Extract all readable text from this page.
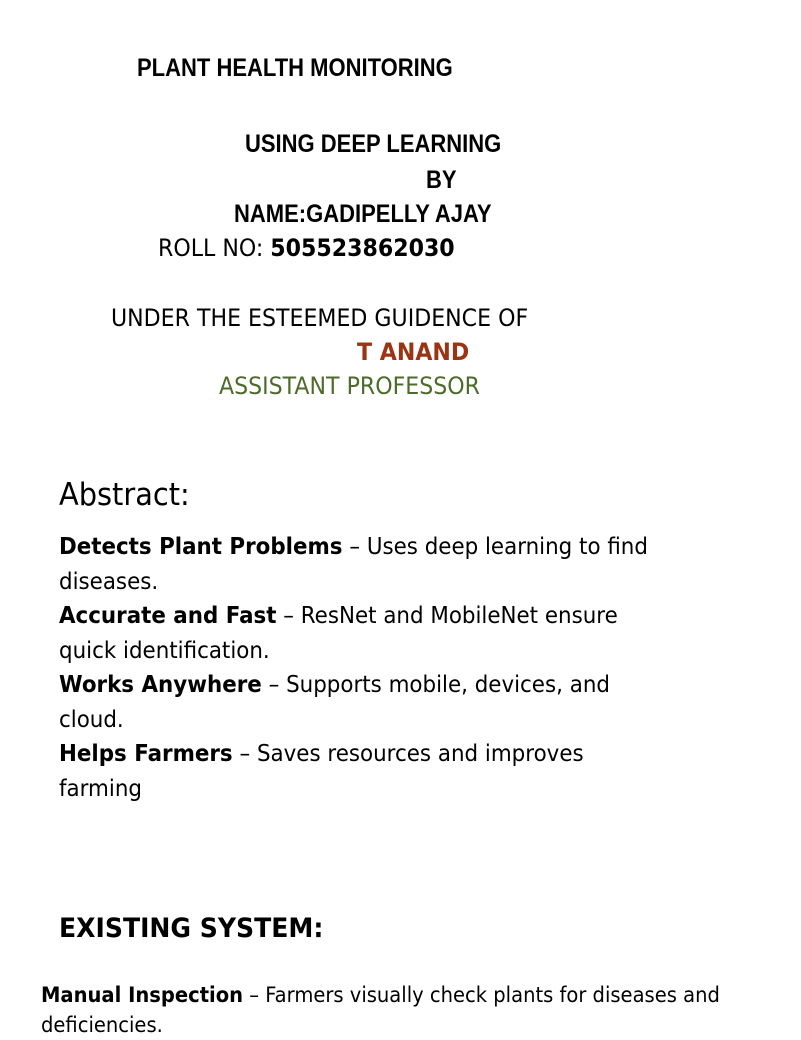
PLANT HEALTH MONITORING
USING DEEP LEARNING
BY
NAME:GADIPELLY AJAY
ROLL NO: 505523862030
UNDER THE ESTEEMED GUIDENCE OF
T ANAND
ASSISTANT PROFESSOR
Abstract:

Detects Plant Problems – Uses deep learning to find diseases.

Accurate and Fast – ResNet and MobileNet ensure quick identification.

Works Anywhere – Supports mobile, devices, and cloud.

Helps Farmers – Saves resources and improves farming

EXISTING SYSTEM:

Manual Inspection – Farmers visually check plants for diseases and deficiencies.
